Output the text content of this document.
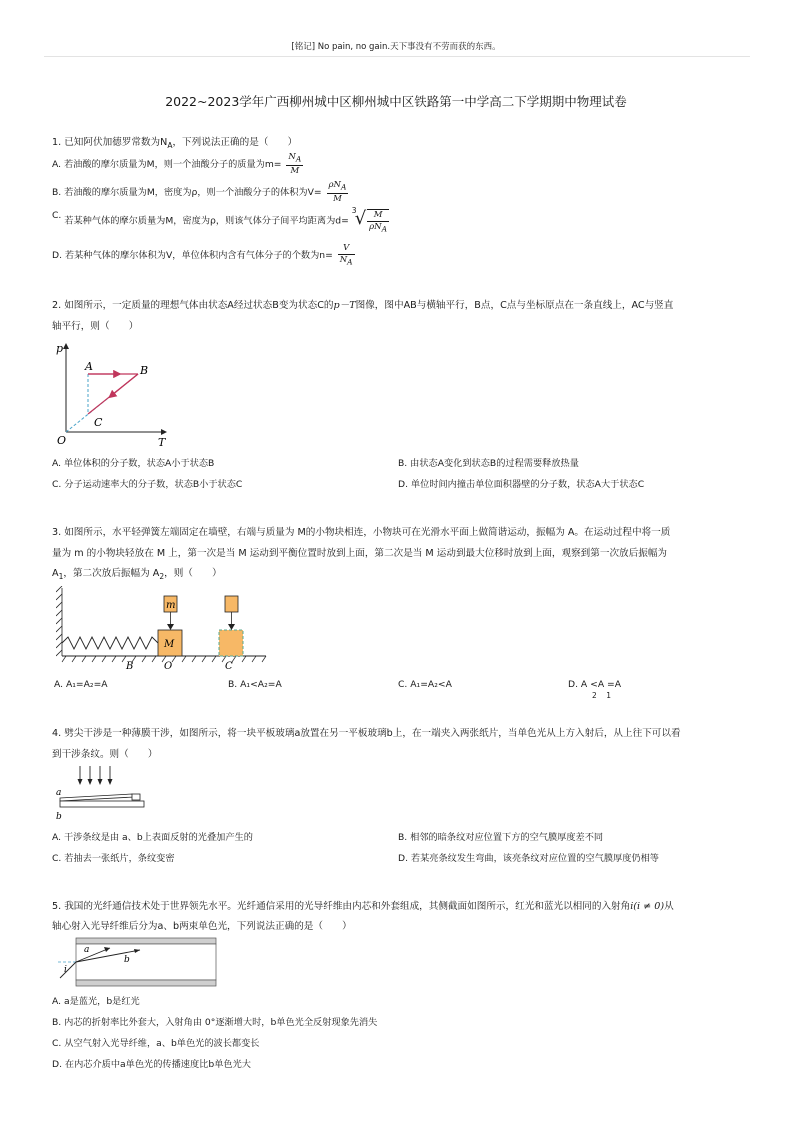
[铭记] No pain, no gain.天下事没有不劳而获的东西。
2022~2023学年广西柳州城中区柳州城中区铁路第一中学高二下学期期中物理试卷
1. 已知阿伏加德罗常数为$N_A$，下列说法正确的是（　　）
A. 若油酸的摩尔质量为M，则一个油酸分子的质量为$m= \frac{N_A}{M}$
B. 若油酸的摩尔质量为M，密度为ρ，则一个油酸分子的体积为$V= \frac{\rho N_A}{M}$
C. 若某种气体的摩尔质量为M，密度为ρ，则该气体分子间平均距离为d=
3
√ $\frac{M}{\rho N_A}$
D. 若某种气体的摩尔体积为V，单位体积内含有气体分子的个数为$n= \frac{V}{N_A}$
2. 如图所示，一定质量的理想气体由状态A经过状态B变为状态C的p－T图像，图中AB与横轴平行，B点，C点与坐标原点在一条直线上，AC与竖直
轴平行，则（　　）
p
T
O
A	B
C
A. 单位体积的分子数，状态A小于状态B	B. 由状态A变化到状态B的过程需要释放热量
C. 分子运动速率大的分子数，状态B小于状态C	D. 单位时间内撞击单位面积器壁的分子数，状态A大于状态C
3. 如图所示，水平轻弹簧左端固定在墙壁，右端与质量为 M的小物块相连，小物块可在光滑水平面上做简谐运动，振幅为 A。在运动过程中将一质
量为 m 的小物块轻放在 M 上，第一次是当 M 运动到平衡位置时放到上面，第二次是当 M 运动到最大位移时放到上面，观察到第一次放后振幅为
$A_1$，第二次放后振幅为 $A_2$，则（　　）
m
M
B	O	C
A. A₁=A₂=A	B. A₁<A₂=A	C. A₁=A₂<A	D. A <A =A
2    1
4. 劈尖干涉是一种薄膜干涉，如图所示，将一块平板玻璃a放置在另一平板玻璃b上，在一端夹入两张纸片，当单色光从上方入射后，从上往下可以看
到干涉条纹。则（　　）
a
b
A. 干涉条纹是由 a、b上表面反射的光叠加产生的	B. 相邻的暗条纹对应位置下方的空气膜厚度差不同
C. 若抽去一张纸片，条纹变密	D. 若某亮条纹发生弯曲，该亮条纹对应位置的空气膜厚度仍相等
5. 我国的光纤通信技术处于世界领先水平。光纤通信采用的光导纤维由内芯和外套组成，其侧截面如图所示，红光和蓝光以相同的入射角i(i ≠ 0)从
轴心射入光导纤维后分为a、b两束单色光，下列说法正确的是（　　）
a
b
i
A. a是蓝光，b是红光
B. 内芯的折射率比外套大，入射角由 0°逐渐增大时，b单色光全反射现象先消失
C. 从空气射入光导纤维，a、b单色光的波长都变长
D. 在内芯介质中a单色光的传播速度比b单色光大
